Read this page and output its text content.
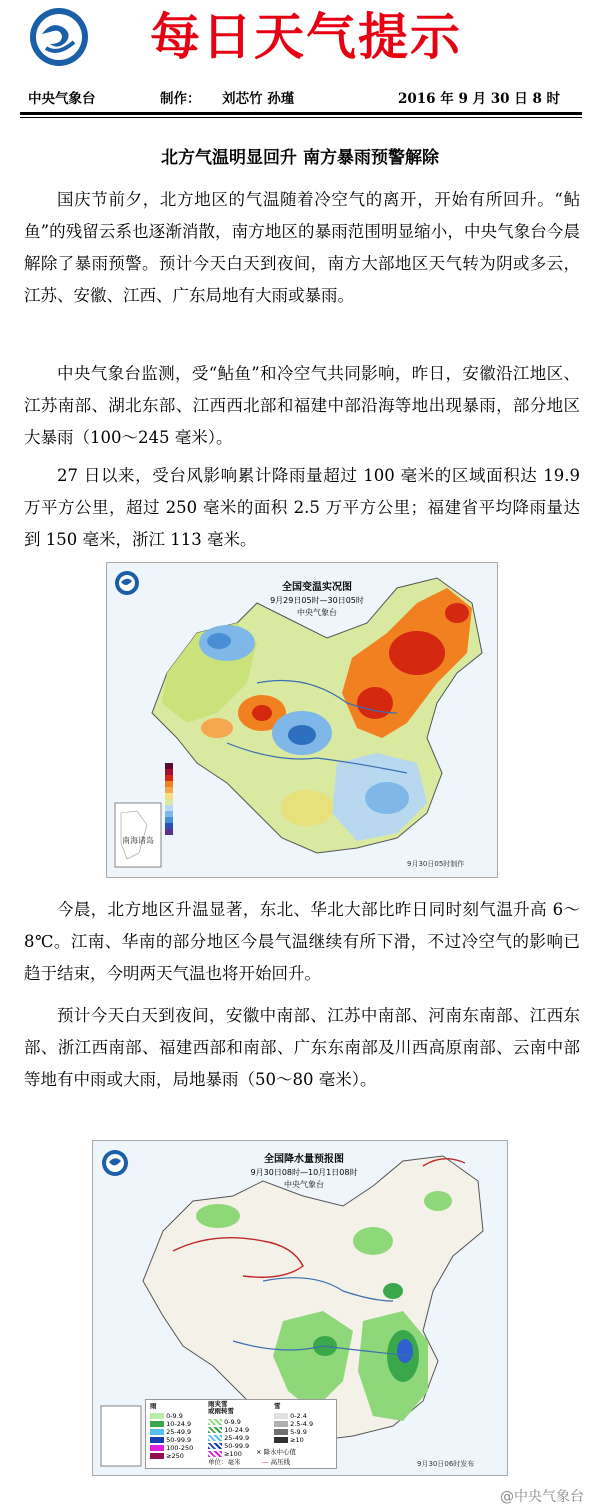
每日天气提示
中央气象台	制作： 刘芯竹 孙瑾	2016 年 9 月 30 日 8 时
北方气温明显回升 南方暴雨预警解除

国庆节前夕，北方地区的气温随着冷空气的离开，开始有所回升。“鲇鱼”的残留云系也逐渐消散，南方地区的暴雨范围明显缩小，中央气象台今晨解除了暴雨预警。预计今天白天到夜间，南方大部地区天气转为阴或多云，江苏、安徽、江西、广东局地有大雨或暴雨。

中央气象台监测，受“鲇鱼”和冷空气共同影响，昨日，安徽沿江地区、江苏南部、湖北东部、江西西北部和福建中部沿海等地出现暴雨，部分地区大暴雨（100～245 毫米）。

27 日以来，受台风影响累计降雨量超过 100 毫米的区域面积达 19.9 万平方公里，超过 250 毫米的面积 2.5 万平方公里；福建省平均降雨量达到 150 毫米，浙江 113 毫米。

全国变温实况图
9月29日05时—30日05时
中央气象台
南海诸岛
9月30日05时制作

今晨，北方地区升温显著，东北、华北大部比昨日同时刻气温升高 6～8℃。江南、华南的部分地区今晨气温继续有所下滑，不过冷空气的影响已趋于结束，今明两天气温也将开始回升。

预计今天白天到夜间，安徽中南部、江苏中南部、河南东南部、江西东部、浙江西南部、福建西部和南部、广东东南部及川西高原南部、云南中部等地有中雨或大雨，局地暴雨（50～80 毫米）。

全国降水量预报图
9月30日08时—10月1日08时
中央气象台
雨	雨夹雪
或雨转雪
雪
0-9.9
10-24.9
25-49.9
50-99.9
100-250
≥250
0-9.9
10-24.9
25-49.9
50-99.9
≥100
0-2.4
2.5-4.9
5-9.9
≥10
× 降水中心值
单位：毫米	— 高压线	9月30日06时发布
@中央气象台
